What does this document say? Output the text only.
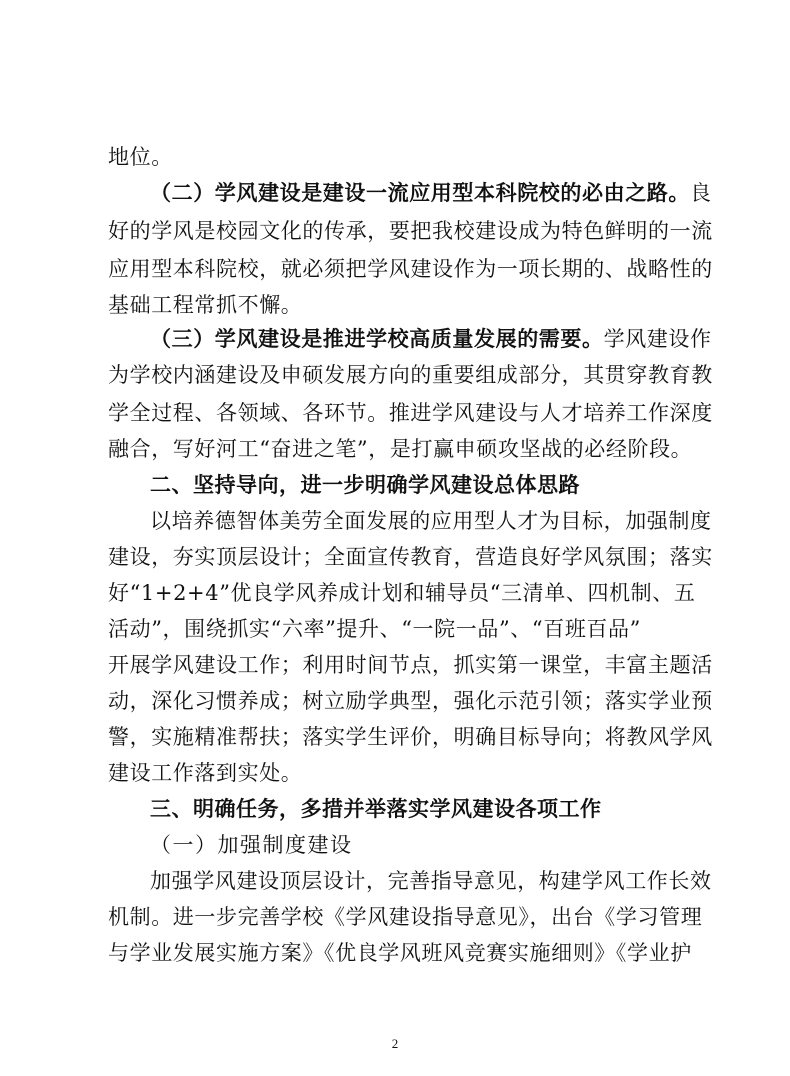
地位。
（二）学风建设是建设一流应用型本科院校的必由之路。良
好的学风是校园文化的传承，要把我校建设成为特色鲜明的一流
应用型本科院校，就必须把学风建设作为一项长期的、战略性的
基础工程常抓不懈。
（三）学风建设是推进学校高质量发展的需要。学风建设作
为学校内涵建设及申硕发展方向的重要组成部分，其贯穿教育教
学全过程、各领域、各环节。推进学风建设与人才培养工作深度
融合，写好河工“奋进之笔”，是打赢申硕攻坚战的必经阶段。
二、坚持导向，进一步明确学风建设总体思路
以培养德智体美劳全面发展的应用型人才为目标，加强制度
建设，夯实顶层设计；全面宣传教育，营造良好学风氛围；落实
好“1+2+4”优良学风养成计划和辅导员“三清单、四机制、五
活动”，围绕抓实“六率”提升、“一院一品”、“百班百品”
开展学风建设工作；利用时间节点，抓实第一课堂，丰富主题活
动，深化习惯养成；树立励学典型，强化示范引领；落实学业预
警，实施精准帮扶；落实学生评价，明确目标导向；将教风学风
建设工作落到实处。
三、明确任务，多措并举落实学风建设各项工作
（一）加强制度建设
加强学风建设顶层设计，完善指导意见，构建学风工作长效
机制。进一步完善学校《学风建设指导意见》，出台《学习管理
与学业发展实施方案》《优良学风班风竞赛实施细则》《学业护
2
